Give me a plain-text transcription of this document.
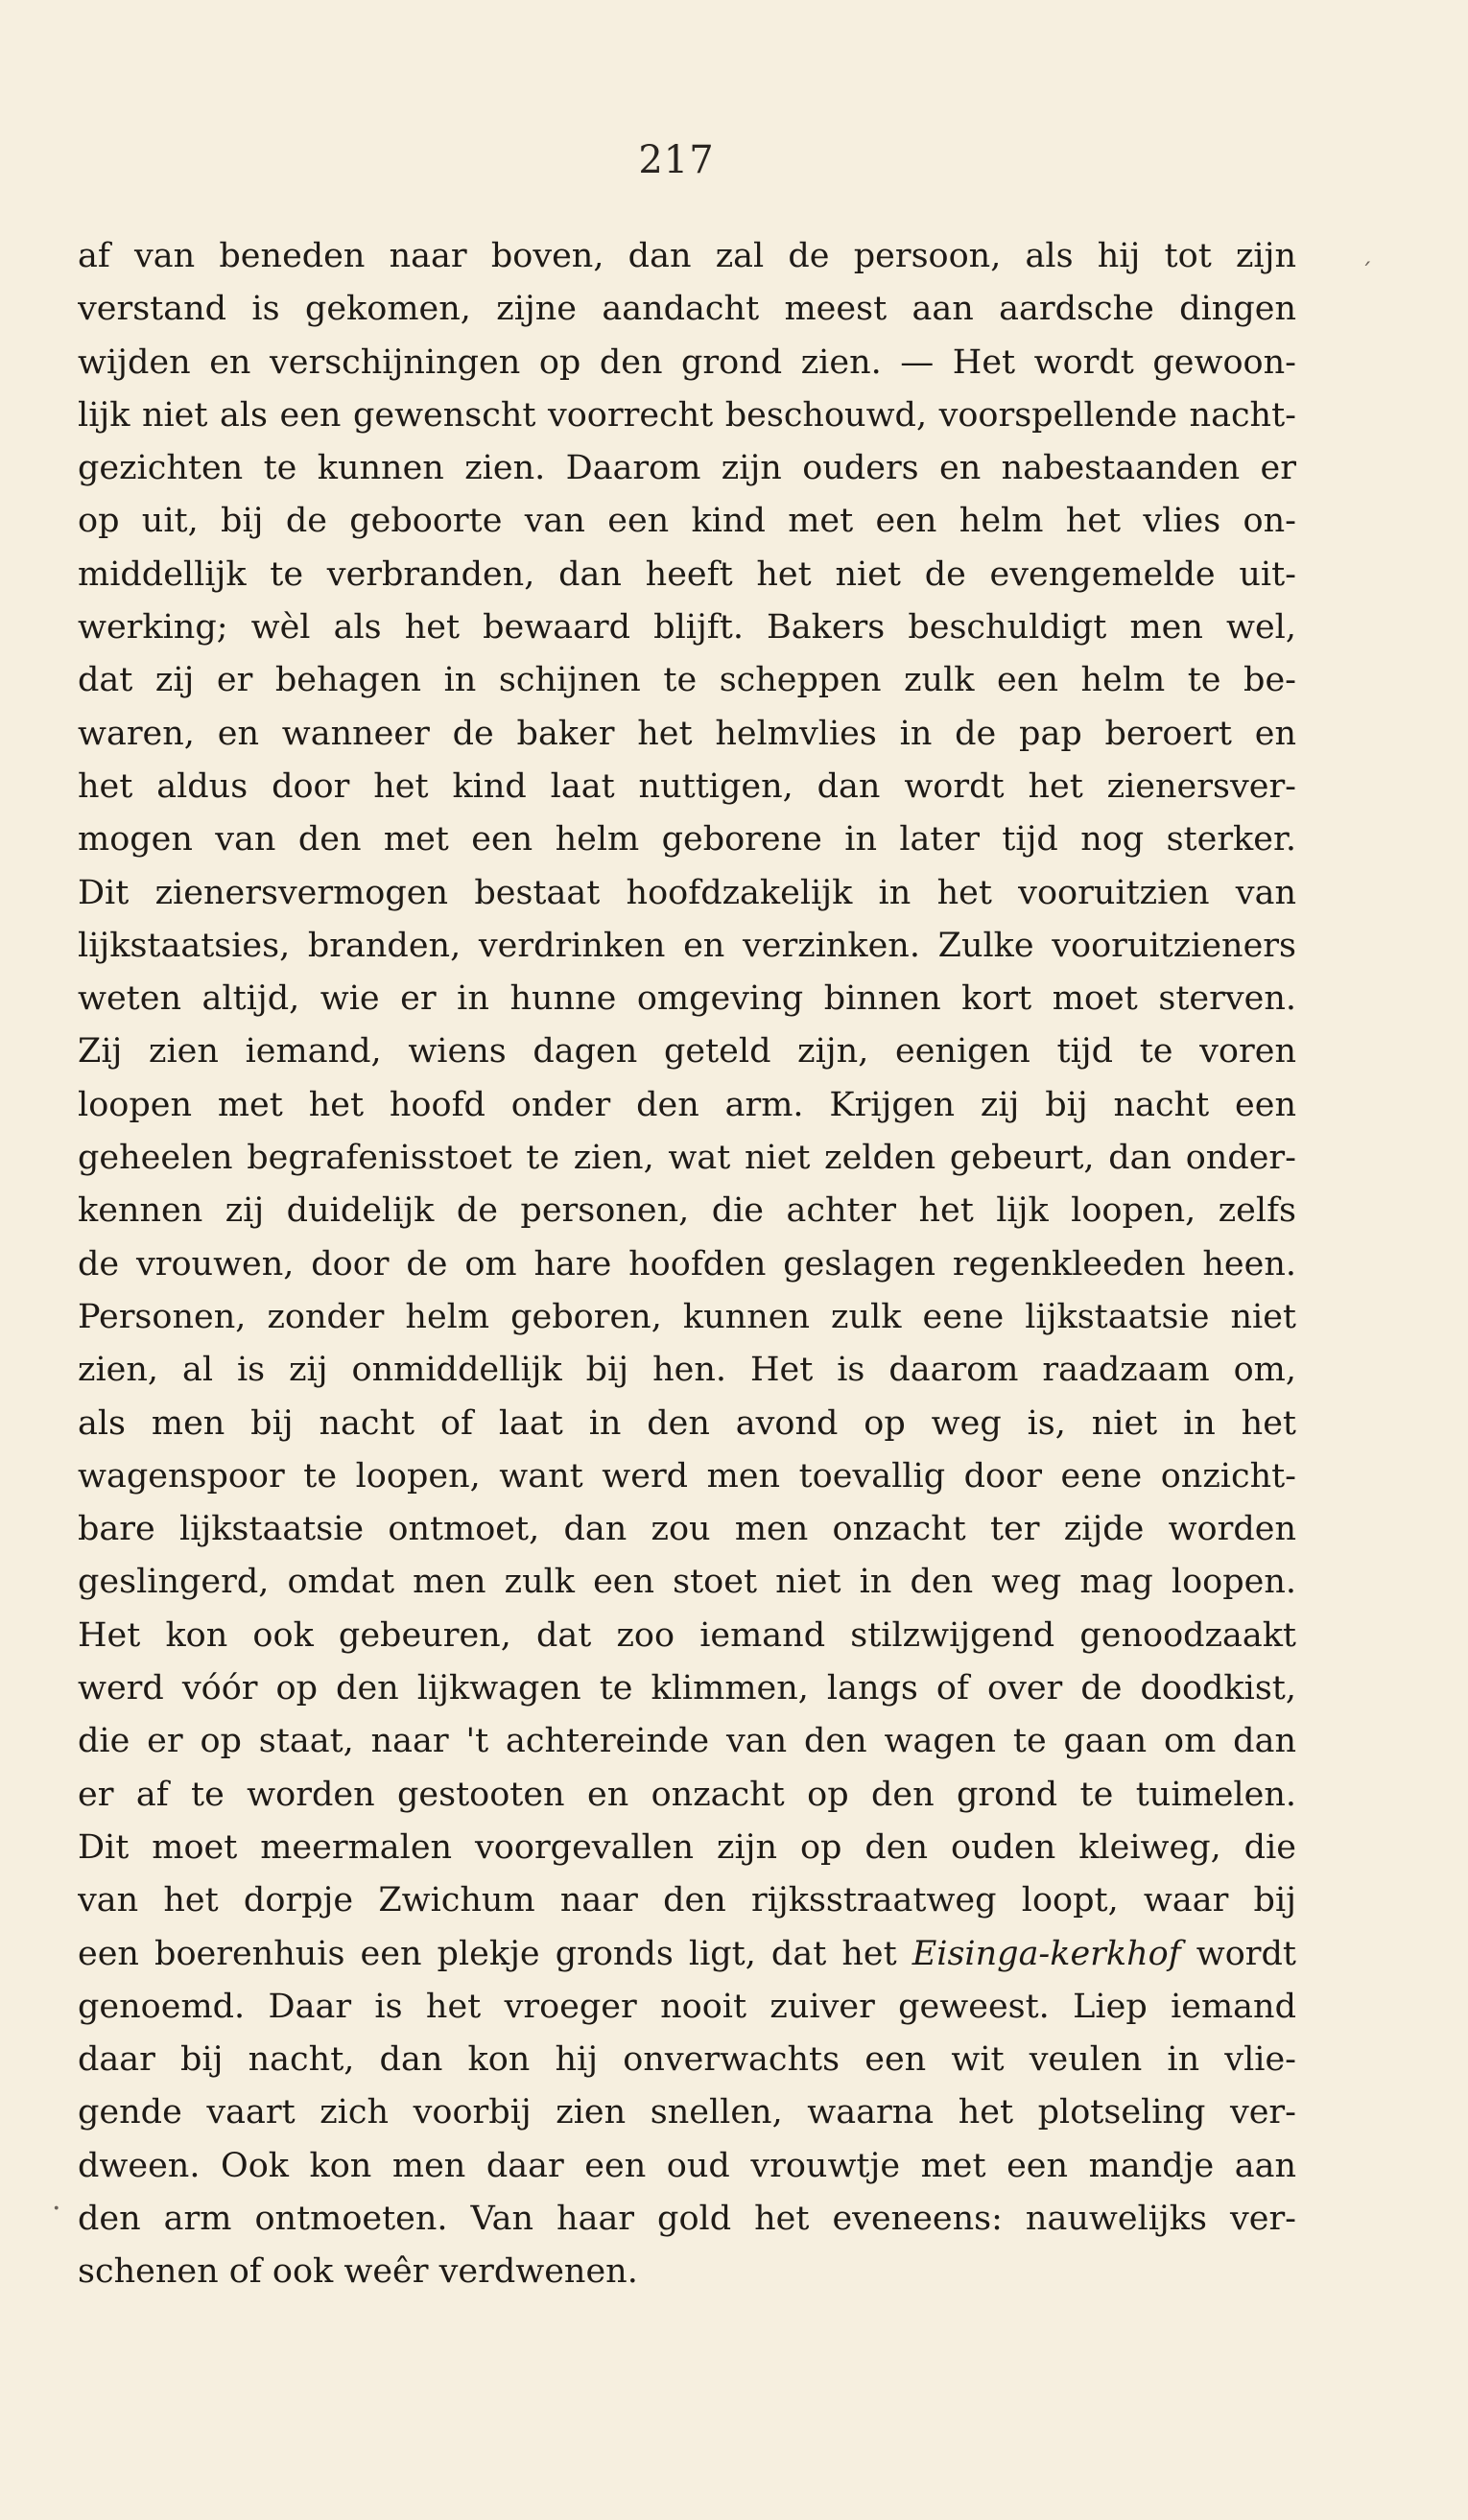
217
´
·
af van beneden naar boven, dan zal de persoon, als hij tot zijn
verstand is gekomen, zijne aandacht meest aan aardsche dingen
wijden en verschijningen op den grond zien. — Het wordt gewoon-
lijk niet als een gewenscht voorrecht beschouwd, voorspellende nacht-
gezichten te kunnen zien. Daarom zijn ouders en nabestaanden er
op uit, bij de geboorte van een kind met een helm het vlies on-
middellijk te verbranden, dan heeft het niet de evengemelde uit-
werking; wèl als het bewaard blijft. Bakers beschuldigt men wel,
dat zij er behagen in schijnen te scheppen zulk een helm te be-
waren, en wanneer de baker het helmvlies in de pap beroert en
het aldus door het kind laat nuttigen, dan wordt het zienersver-
mogen van den met een helm geborene in later tijd nog sterker.
Dit zienersvermogen bestaat hoofdzakelijk in het vooruitzien van
lijkstaatsies, branden, verdrinken en verzinken. Zulke vooruitzieners
weten altijd, wie er in hunne omgeving binnen kort moet sterven.
Zij zien iemand, wiens dagen geteld zijn, eenigen tijd te voren
loopen met het hoofd onder den arm. Krijgen zij bij nacht een
geheelen begrafenisstoet te zien, wat niet zelden gebeurt, dan onder-
kennen zij duidelijk de personen, die achter het lijk loopen, zelfs
de vrouwen, door de om hare hoofden geslagen regenkleeden heen.
Personen, zonder helm geboren, kunnen zulk eene lijkstaatsie niet
zien, al is zij onmiddellijk bij hen. Het is daarom raadzaam om,
als men bij nacht of laat in den avond op weg is, niet in het
wagenspoor te loopen, want werd men toevallig door eene onzicht-
bare lijkstaatsie ontmoet, dan zou men onzacht ter zijde worden
geslingerd, omdat men zulk een stoet niet in den weg mag loopen.
Het kon ook gebeuren, dat zoo iemand stilzwijgend genoodzaakt
werd vóór op den lijkwagen te klimmen, langs of over de doodkist,
die er op staat, naar 't achtereinde van den wagen te gaan om dan
er af te worden gestooten en onzacht op den grond te tuimelen.
Dit moet meermalen voorgevallen zijn op den ouden kleiweg, die
van het dorpje Zwichum naar den rijksstraatweg loopt, waar bij
een boerenhuis een plekje gronds ligt, dat het Eisinga-kerkhof wordt
genoemd. Daar is het vroeger nooit zuiver geweest. Liep iemand
daar bij nacht, dan kon hij onverwachts een wit veulen in vlie-
gende vaart zich voorbij zien snellen, waarna het plotseling ver-
dween. Ook kon men daar een oud vrouwtje met een mandje aan
den arm ontmoeten. Van haar gold het eveneens: nauwelijks ver-
schenen of ook weêr verdwenen.
